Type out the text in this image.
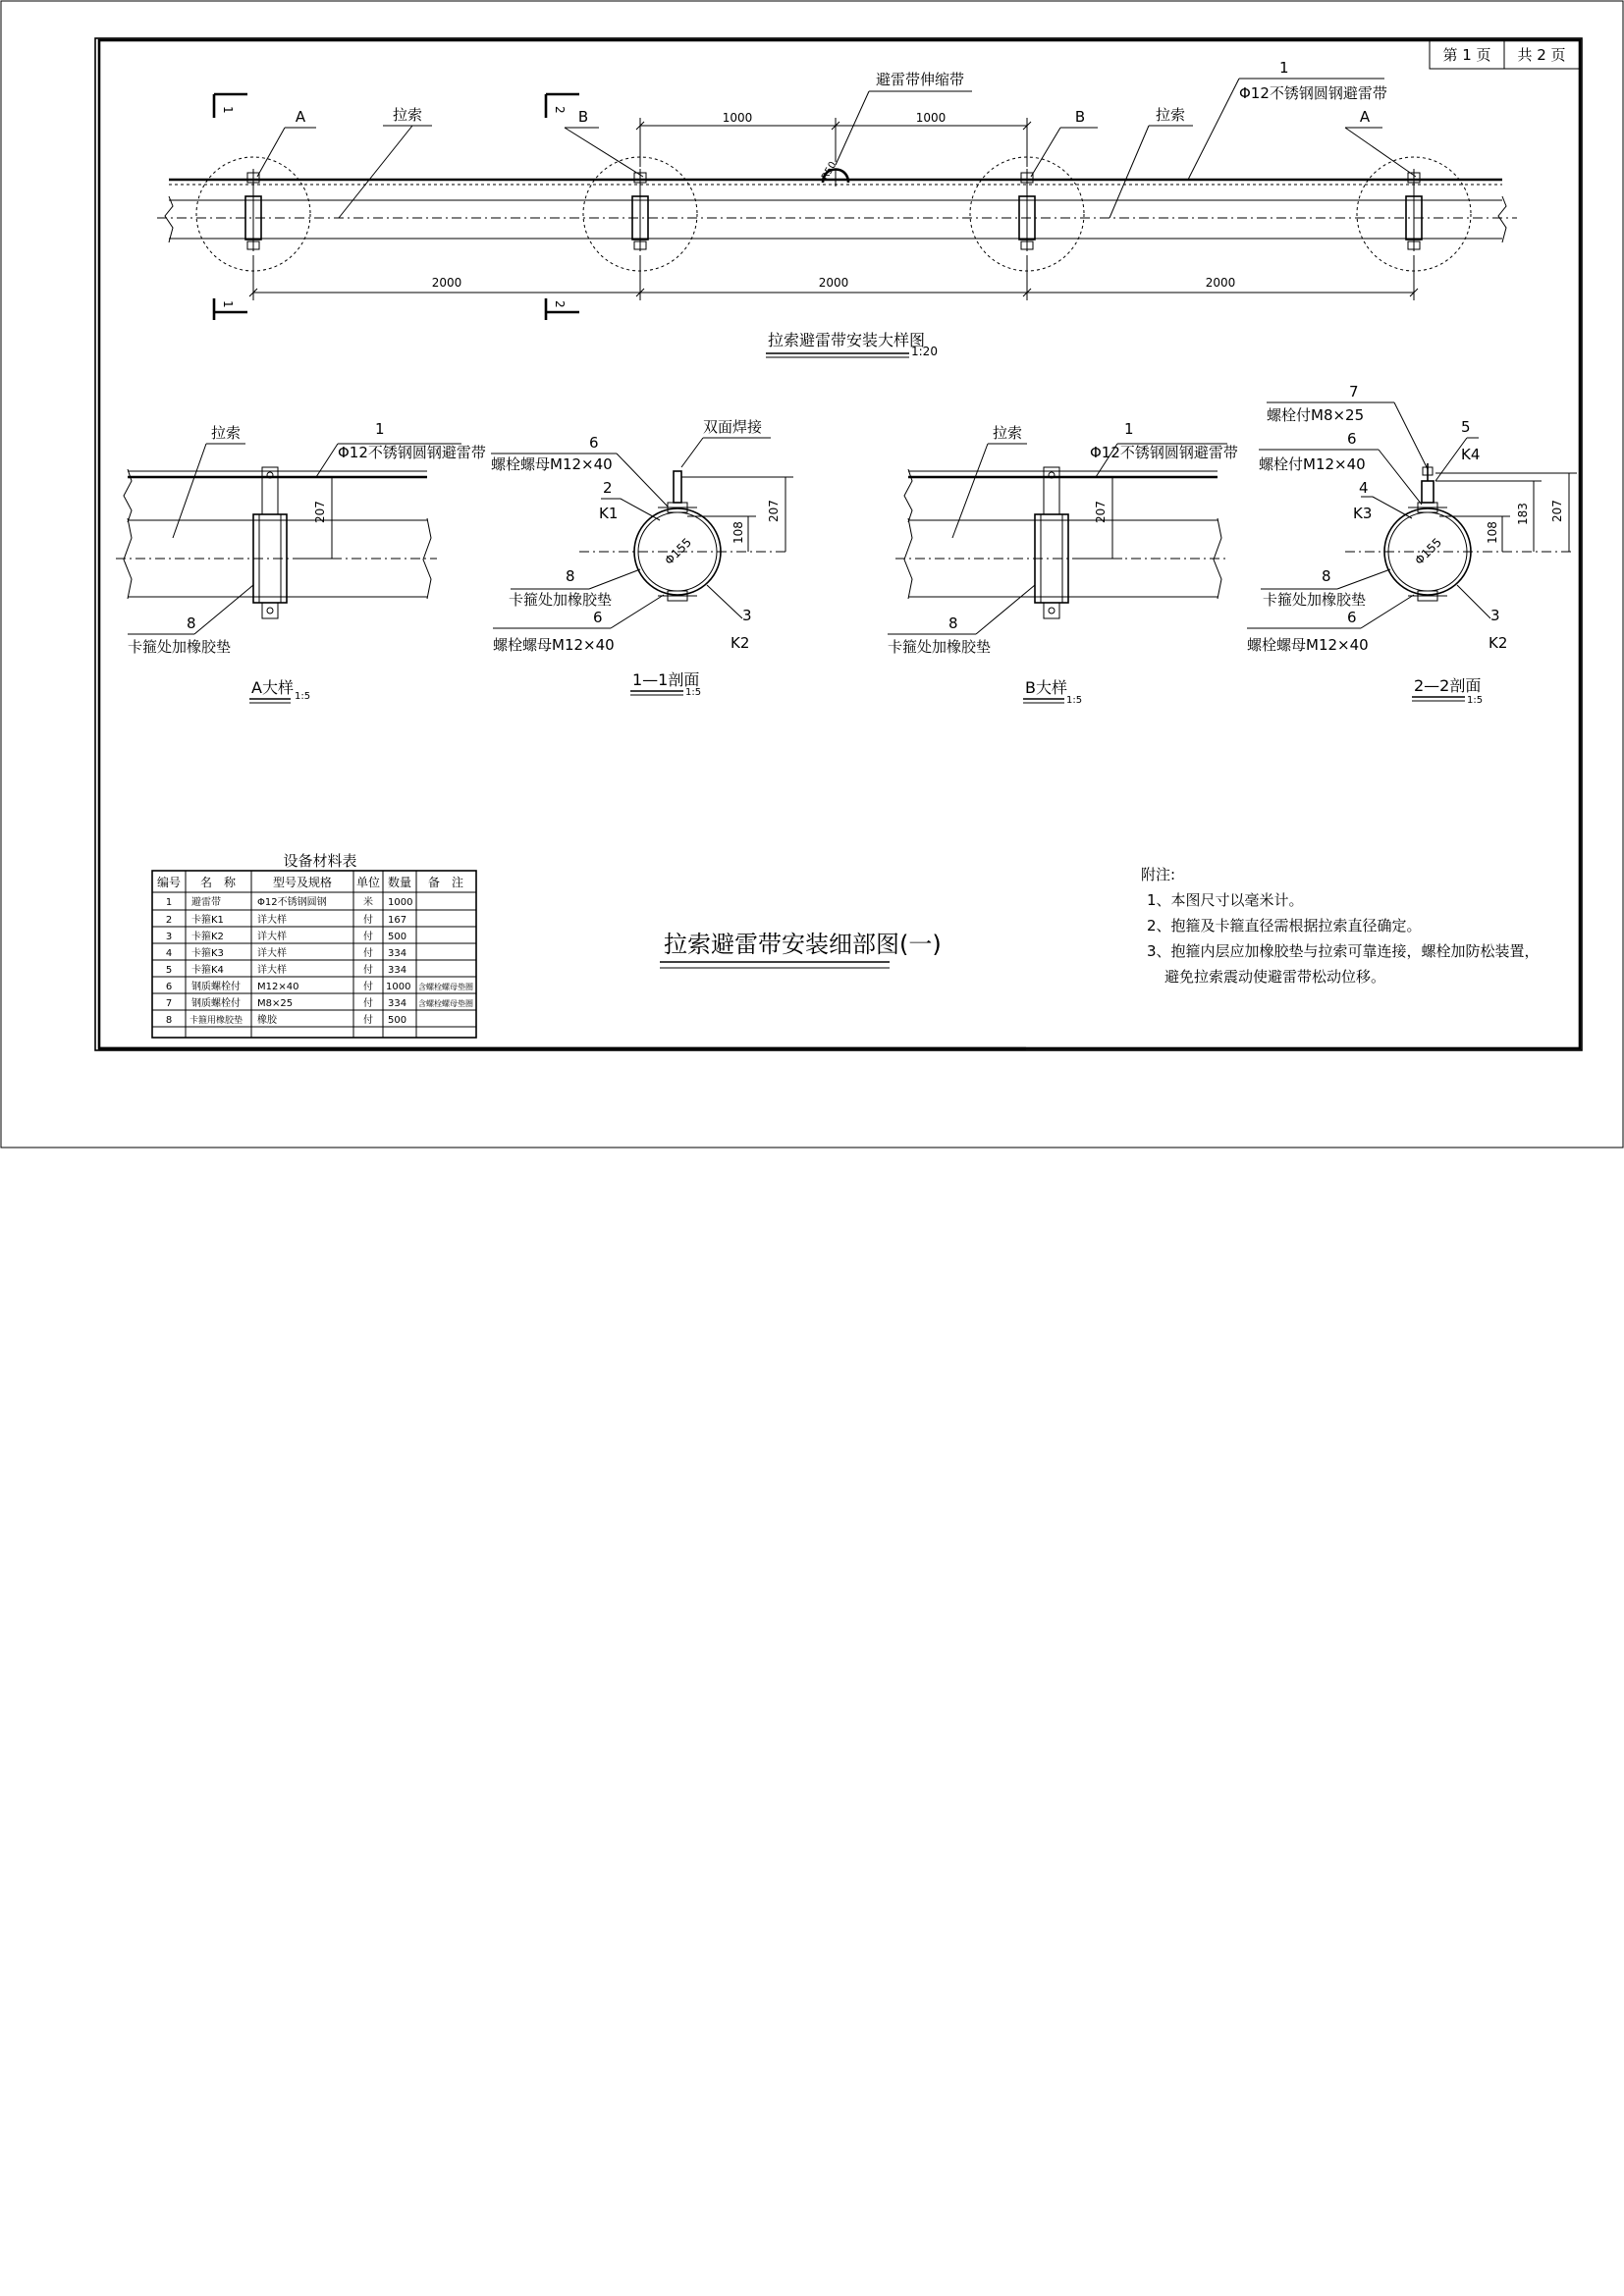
第 1 页 共 2 页
R50
A	B	B	A
拉索	拉索
避雷带伸缩带
1
Φ12不锈钢圆钢避雷带
1000	1000
2000	2000	2000
1
1
2
2
拉索避雷带安装大样图
1:20
207
拉索	1
Φ12不锈钢圆钢避雷带
8
卡箍处加橡胶垫
A大样 1:5
Φ155
207
108
双面焊接
6
螺栓螺母M12×40
2
K1
8
卡箍处加橡胶垫
6
螺栓螺母M12×40
3
K2
1—1剖面
1:5
207
拉索	1
Φ12不锈钢圆钢避雷带
8
卡箍处加橡胶垫
B大样
1:5
Φ155
207
183
108
7
螺栓付M8×25
6
螺栓付M12×40
5
K4
4
K3
8
卡箍处加橡胶垫
6
螺栓螺母M12×40
3
K2
2—2剖面
1:5
设备材料表
编号 名　称	型号及规格 单位 数量 备　注
1 避雷带	Φ12不锈钢圆钢	米 1000
2 卡箍K1	详大样	付 167
3 卡箍K2	详大样	付 500
4 卡箍K3	详大样	付 334
5 卡箍K4	详大样	付 334
6 钢质螺栓付 M12×40	付 1000 含螺栓螺母垫圈
7 钢质螺栓付 M8×25	付 334 含螺栓螺母垫圈
8 卡箍用橡胶垫 橡胶	付 500
拉索避雷带安装细部图(一)
附注:
1、本图尺寸以毫米计。
2、抱箍及卡箍直径需根据拉索直径确定。
3、抱箍内层应加橡胶垫与拉索可靠连接，螺栓加防松装置，
避免拉索震动使避雷带松动位移。
